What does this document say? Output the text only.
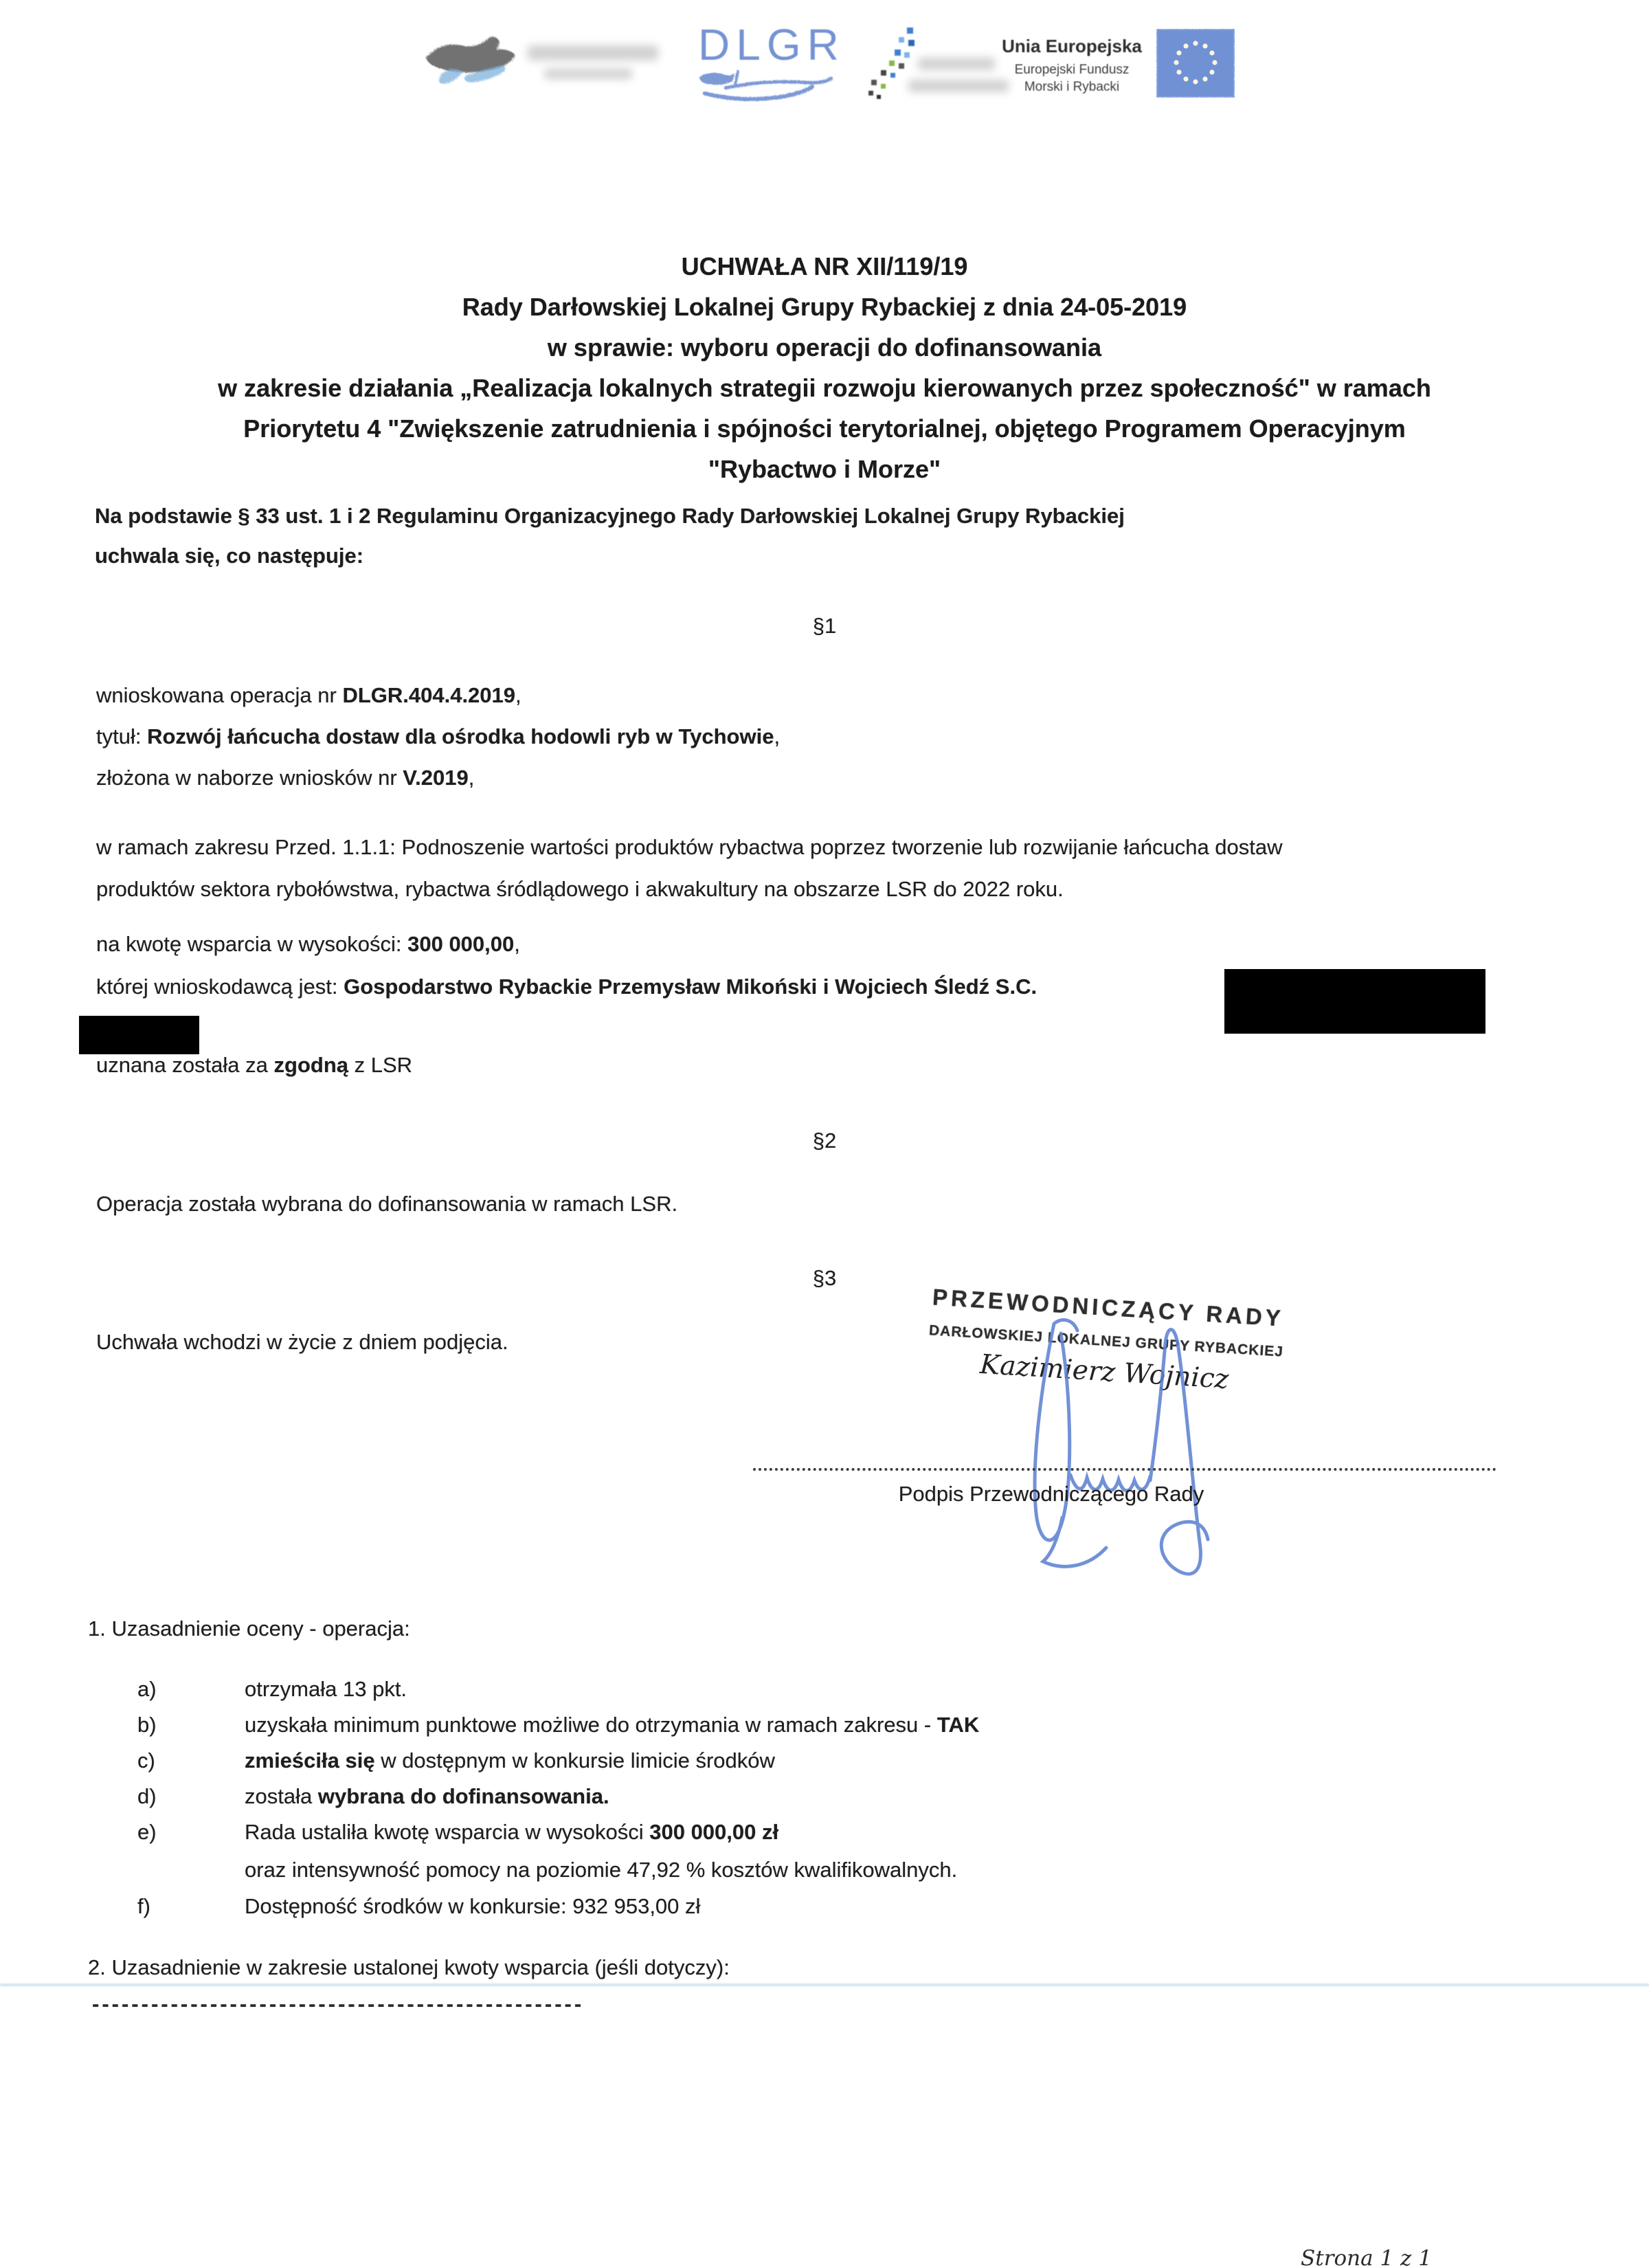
DLGR	Unia Europejska
Europejski Fundusz
Morski i Rybacki
UCHWAŁA NR XII/119/19
Rady Darłowskiej Lokalnej Grupy Rybackiej z dnia 24-05-2019
w sprawie: wyboru operacji do dofinansowania
w zakresie działania „Realizacja lokalnych strategii rozwoju kierowanych przez społeczność" w ramach
Priorytetu 4 "Zwiększenie zatrudnienia i spójności terytorialnej, objętego Programem Operacyjnym
"Rybactwo i Morze"
Na podstawie § 33 ust. 1 i 2 Regulaminu Organizacyjnego Rady Darłowskiej Lokalnej Grupy Rybackiej
uchwala się, co następuje:
§1
wnioskowana operacja nr DLGR.404.4.2019,
tytuł: Rozwój łańcucha dostaw dla ośrodka hodowli ryb w Tychowie,
złożona w naborze wniosków nr V.2019,
w ramach zakresu Przed. 1.1.1: Podnoszenie wartości produktów rybactwa poprzez tworzenie lub rozwijanie łańcucha dostaw
produktów sektora rybołówstwa, rybactwa śródlądowego i akwakultury na obszarze LSR do 2022 roku.
na kwotę wsparcia w wysokości: 300 000,00,
której wnioskodawcą jest: Gospodarstwo Rybackie Przemysław Mikoński i Wojciech Śledź S.C.
uznana została za zgodną z LSR
§2
Operacja została wybrana do dofinansowania w ramach LSR.
§3
Uchwała wchodzi w życie z dniem podjęcia.
PRZEWODNICZĄCY RADY
DARŁOWSKIEJ LOKALNEJ GRUPY RYBACKIEJ
Kazimierz Wojnicz
Podpis Przewodniczącego Rady
1. Uzasadnienie oceny - operacja:
a)	otrzymała 13 pkt.
b)	uzyskała minimum punktowe możliwe do otrzymania w ramach zakresu - TAK
c)	zmieściła się w dostępnym w konkursie limicie środków
d)	została wybrana do dofinansowania.
e)	Rada ustaliła kwotę wsparcia w wysokości 300 000,00 zł
oraz intensywność pomocy na poziomie 47,92 % kosztów kwalifikowalnych.
f)	Dostępność środków w konkursie: 932 953,00 zł
2. Uzasadnienie w zakresie ustalonej kwoty wsparcia (jeśli dotyczy):
--------------------------------------------------
Strona 1 z 1
